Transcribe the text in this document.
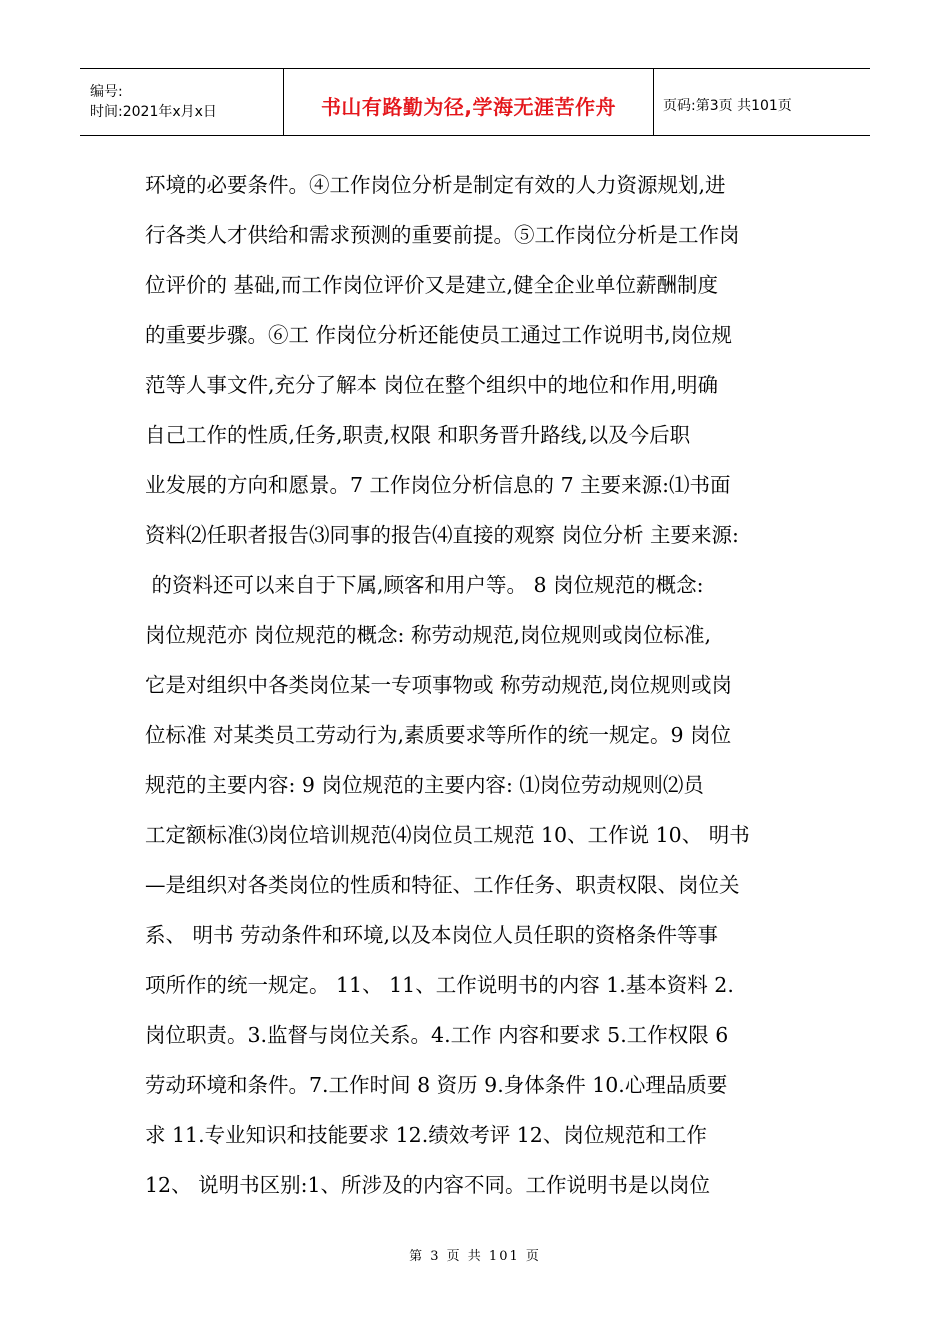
编号:
时间:2021年x月x日	书山有路勤为径,学海无涯苦作舟	页码:第3页 共101页
环境的必要条件。④工作岗位分析是制定有效的人力资源规划,进
行各类人才供给和需求预测的重要前提。⑤工作岗位分析是工作岗
位评价的 基础,而工作岗位评价又是建立,健全企业单位薪酬制度
的重要步骤。⑥工 作岗位分析还能使员工通过工作说明书,岗位规
范等人事文件,充分了解本 岗位在整个组织中的地位和作用,明确
自己工作的性质,任务,职责,权限 和职务晋升路线,以及今后职
业发展的方向和愿景。7 工作岗位分析信息的 7 主要来源:⑴书面
资料⑵任职者报告⑶同事的报告⑷直接的观察 岗位分析 主要来源:
的资料还可以来自于下属,顾客和用户等。 8 岗位规范的概念:
岗位规范亦 岗位规范的概念: 称劳动规范,岗位规则或岗位标准,
它是对组织中各类岗位某一专项事物或 称劳动规范,岗位规则或岗
位标准 对某类员工劳动行为,素质要求等所作的统一规定。9 岗位
规范的主要内容: 9 岗位规范的主要内容: ⑴岗位劳动规则⑵员
工定额标准⑶岗位培训规范⑷岗位员工规范 10、工作说 10、 明书
—是组织对各类岗位的性质和特征、工作任务、职责权限、岗位关
系、 明书 劳动条件和环境,以及本岗位人员任职的资格条件等事
项所作的统一规定。 11、 11、工作说明书的内容 1.基本资料 2.
岗位职责。3.监督与岗位关系。4.工作 内容和要求 5.工作权限 6
劳动环境和条件。7.工作时间 8 资历 9.身体条件 10.心理品质要
求 11.专业知识和技能要求 12.绩效考评 12、岗位规范和工作
12、 说明书区别:1、所涉及的内容不同。工作说明书是以岗位
第 3 页 共 101 页
